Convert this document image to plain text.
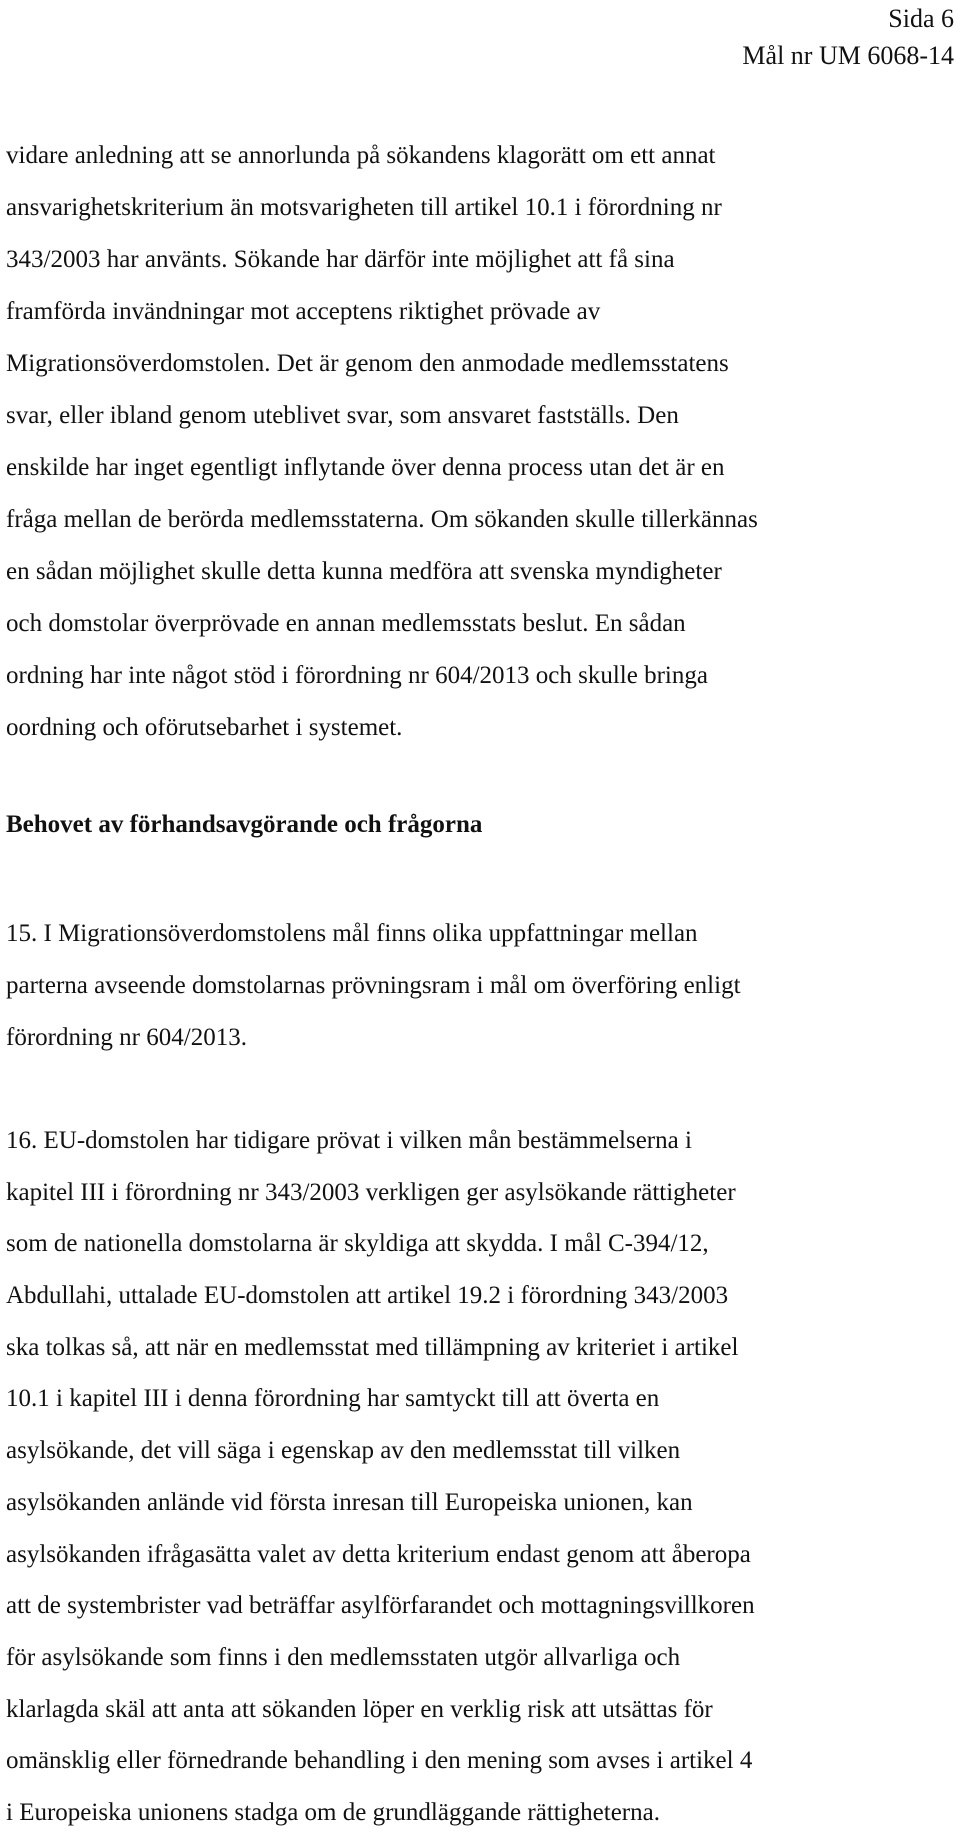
Sida 6
Mål nr UM 6068-14

vidare anledning att se annorlunda på sökandens klagorätt om ett annat
ansvarighetskriterium än motsvarigheten till artikel 10.1 i förordning nr
343/2003 har använts. Sökande har därför inte möjlighet att få sina
framförda invändningar mot acceptens riktighet prövade av
Migrationsöverdomstolen. Det är genom den anmodade medlemsstatens
svar, eller ibland genom uteblivet svar, som ansvaret fastställs. Den
enskilde har inget egentligt inflytande över denna process utan det är en
fråga mellan de berörda medlemsstaterna. Om sökanden skulle tillerkännas
en sådan möjlighet skulle detta kunna medföra att svenska myndigheter
och domstolar överprövade en annan medlemsstats beslut. En sådan
ordning har inte något stöd i förordning nr 604/2013 och skulle bringa
oordning och oförutsebarhet i systemet.

Behovet av förhandsavgörande och frågorna

15. I Migrationsöverdomstolens mål finns olika uppfattningar mellan
parterna avseende domstolarnas prövningsram i mål om överföring enligt
förordning nr 604/2013.

16. EU-domstolen har tidigare prövat i vilken mån bestämmelserna i
kapitel III i förordning nr 343/2003 verkligen ger asylsökande rättigheter
som de nationella domstolarna är skyldiga att skydda. I mål C-394/12,
Abdullahi, uttalade EU-domstolen att artikel 19.2 i förordning 343/2003
ska tolkas så, att när en medlemsstat med tillämpning av kriteriet i artikel
10.1 i kapitel III i denna förordning har samtyckt till att överta en
asylsökande, det vill säga i egenskap av den medlemsstat till vilken
asylsökanden anlände vid första inresan till Europeiska unionen, kan
asylsökanden ifrågasätta valet av detta kriterium endast genom att åberopa
att de systembrister vad beträffar asylförfarandet och mottagningsvillkoren
för asylsökande som finns i den medlemsstaten utgör allvarliga och
klarlagda skäl att anta att sökanden löper en verklig risk att utsättas för
omänsklig eller förnedrande behandling i den mening som avses i artikel 4
i Europeiska unionens stadga om de grundläggande rättigheterna.
